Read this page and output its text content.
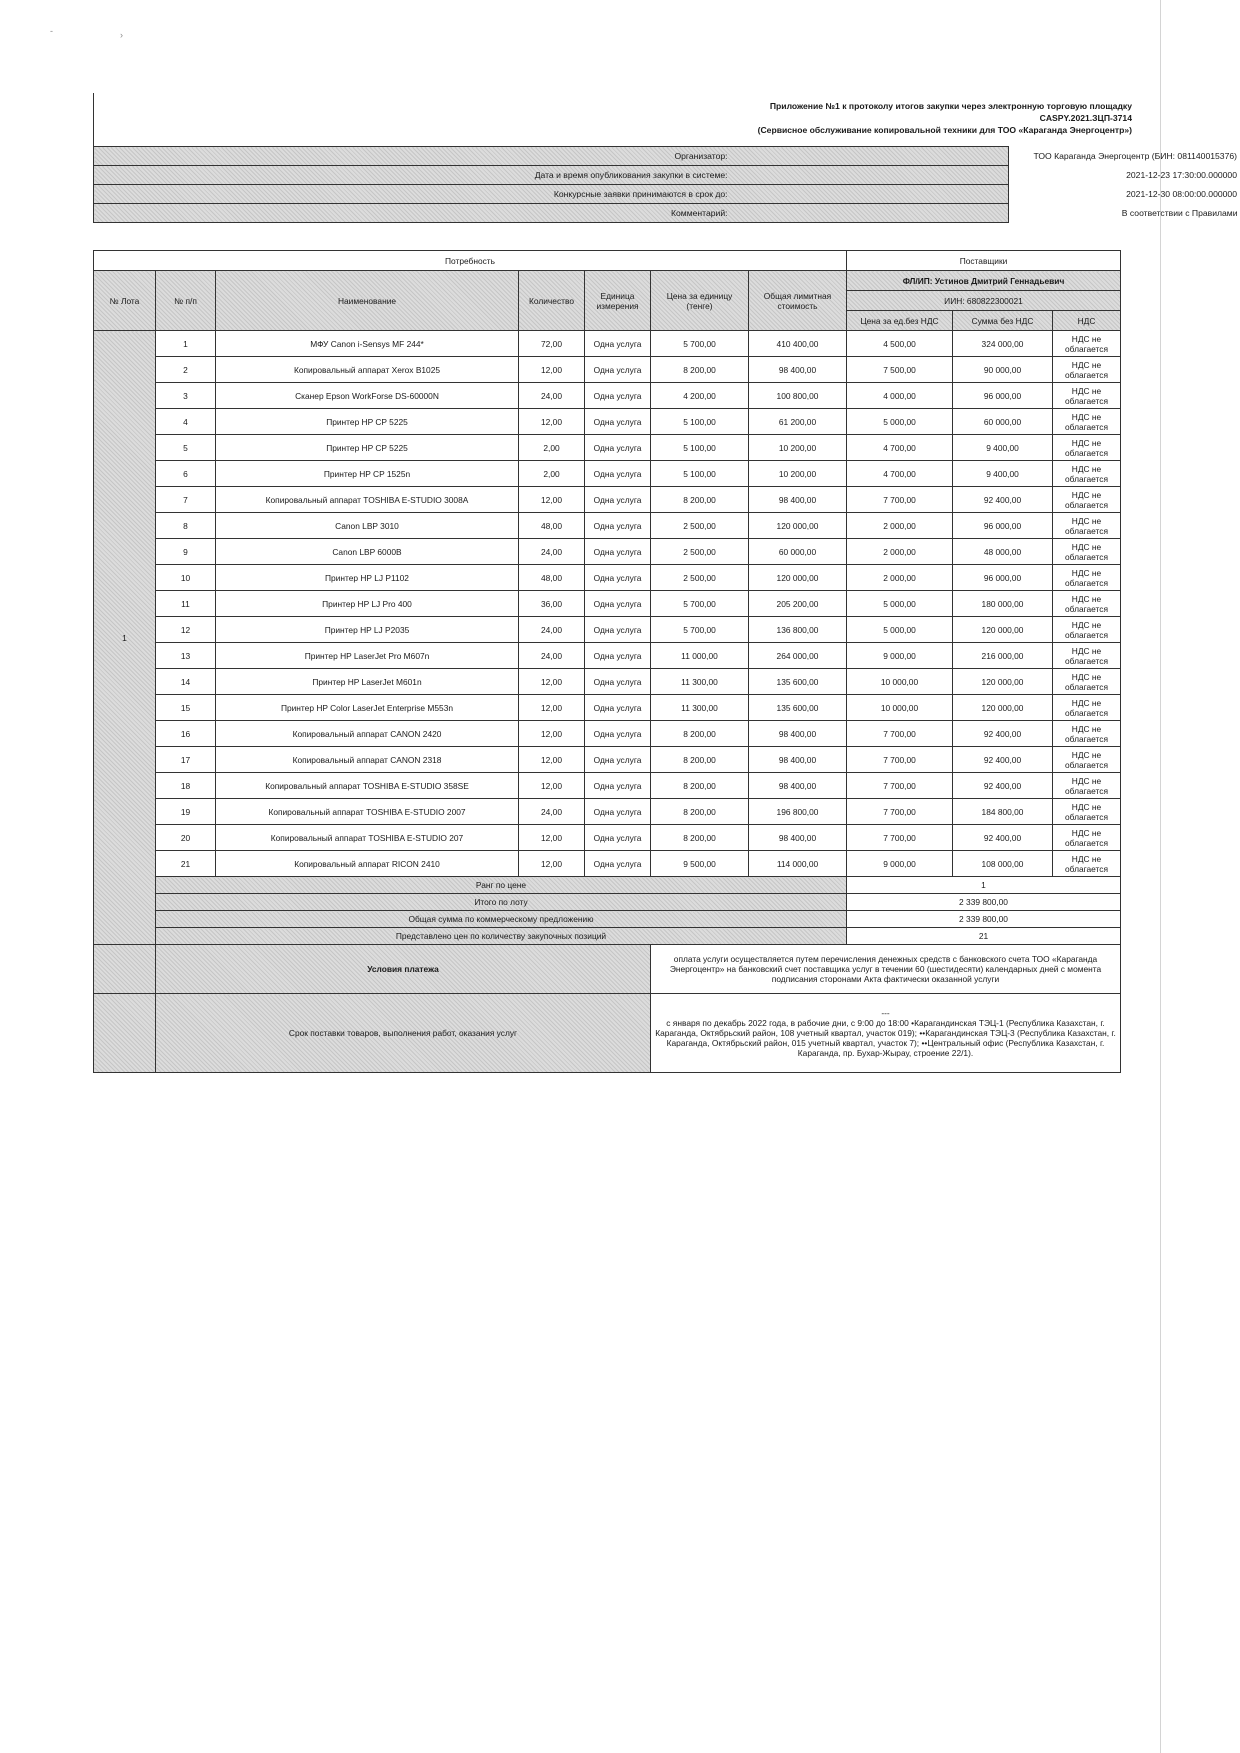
-	›
Приложение №1 к протоколу итогов закупки через электронную торговую площадку
CASPY.2021.ЗЦП-3714
(Сервисное обслуживание копировальной техники для ТОО «Караганда Энергоцентр»)
Организатор:	ТОО Караганда Энергоцентр (БИН: 081140015376)
Дата и время опубликования закупки в системе:	2021-12-23 17:30:00.000000
Конкурсные заявки принимаются в срок до:	2021-12-30 08:00:00.000000
Комментарий:	В соответствии с Правилами
Потребность							Поставщики		
№ Лота	№ п/п	Наименование	Количество	Единица измерения	Цена за единицу (тенге)	Общая лимитная стоимость	ФЛ/ИП: Устинов Дмитрий Геннадьевич		
							ИИН: 680822300021		
							Цена за ед.без НДС	Сумма без НДС	НДС
1	1	МФУ Canon i-Sensys MF 244*	72,00	Одна услуга	5 700,00	410 400,00	4 500,00	324 000,00	НДС не облагается
	2	Копировальный аппарат Xerox B1025	12,00	Одна услуга	8 200,00	98 400,00	7 500,00	90 000,00	НДС не облагается
	3	Сканер Epson WorkForse DS-60000N	24,00	Одна услуга	4 200,00	100 800,00	4 000,00	96 000,00	НДС не облагается
	4	Принтер HP CP 5225	12,00	Одна услуга	5 100,00	61 200,00	5 000,00	60 000,00	НДС не облагается
	5	Принтер HP CP 5225	2,00	Одна услуга	5 100,00	10 200,00	4 700,00	9 400,00	НДС не облагается
	6	Принтер HP CP 1525n	2,00	Одна услуга	5 100,00	10 200,00	4 700,00	9 400,00	НДС не облагается
	7	Копировальный аппарат TOSHIBA E-STUDIO 3008A	12,00	Одна услуга	8 200,00	98 400,00	7 700,00	92 400,00	НДС не облагается
	8	Canon LBP 3010	48,00	Одна услуга	2 500,00	120 000,00	2 000,00	96 000,00	НДС не облагается
	9	Canon LBP 6000B	24,00	Одна услуга	2 500,00	60 000,00	2 000,00	48 000,00	НДС не облагается
	10	Принтер HP LJ P1102	48,00	Одна услуга	2 500,00	120 000,00	2 000,00	96 000,00	НДС не облагается
	11	Принтер HP LJ Pro 400	36,00	Одна услуга	5 700,00	205 200,00	5 000,00	180 000,00	НДС не облагается
	12	Принтер HP LJ P2035	24,00	Одна услуга	5 700,00	136 800,00	5 000,00	120 000,00	НДС не облагается
	13	Принтер HP LaserJet Pro M607n	24,00	Одна услуга	11 000,00	264 000,00	9 000,00	216 000,00	НДС не облагается
	14	Принтер HP LaserJet M601n	12,00	Одна услуга	11 300,00	135 600,00	10 000,00	120 000,00	НДС не облагается
	15	Принтер HP Color LaserJet Enterprise M553n	12,00	Одна услуга	11 300,00	135 600,00	10 000,00	120 000,00	НДС не облагается
	16	Копировальный аппарат CANON 2420	12,00	Одна услуга	8 200,00	98 400,00	7 700,00	92 400,00	НДС не облагается
	17	Копировальный аппарат CANON 2318	12,00	Одна услуга	8 200,00	98 400,00	7 700,00	92 400,00	НДС не облагается
	18	Копировальный аппарат TOSHIBA E-STUDIO 358SE	12,00	Одна услуга	8 200,00	98 400,00	7 700,00	92 400,00	НДС не облагается
	19	Копировальный аппарат TOSHIBA E-STUDIO 2007	24,00	Одна услуга	8 200,00	196 800,00	7 700,00	184 800,00	НДС не облагается
	20	Копировальный аппарат TOSHIBA E-STUDIO 207	12,00	Одна услуга	8 200,00	98 400,00	7 700,00	92 400,00	НДС не облагается
	21	Копировальный аппарат RICON 2410	12,00	Одна услуга	9 500,00	114 000,00	9 000,00	108 000,00	НДС не облагается
	Ранг по цене						1		
	Итого по лоту						2 339 800,00		
	Общая сумма по коммерческому предложению						2 339 800,00		
	Представлено цен по количеству закупочных позиций						21		
	Условия платежа				оплата услуги осуществляется путем перечисления денежных средств с банковского счета ТОО «Караганда Энергоцентр» на банковский счет поставщика услуг в течении 60 (шестидесяти) календарных дней с момента подписания сторонами Акта фактически оказанной услуги				
	Срок поставки товаров, выполнения работ, оказания услуг				---
с января по декабрь 2022 года, в рабочие дни, с 9:00 до 18:00 •Карагандинская ТЭЦ-1 (Республика Казахстан, г. Караганда, Октябрьский район, 108 учетный квартал, участок 019); ••Карагандинская ТЭЦ-3 (Республика Казахстан, г. Караганда, Октябрьский район, 015 учетный квартал, участок 7); ••Центральный офис (Республика Казахстан, г. Караганда, пр. Бухар-Жырау, строение 22/1).				
